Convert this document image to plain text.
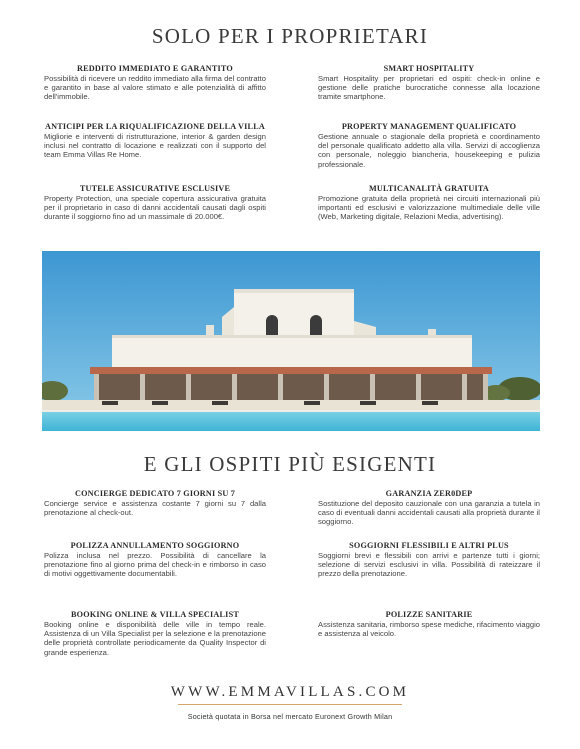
SOLO PER I PROPRIETARI
REDDITO IMMEDIATO E GARANTITO

Possibilità di ricevere un reddito immediato alla firma del contratto e garantito in base al valore stimato e alle potenzialità di affitto dell'immobile.

SMART HOSPITALITY

Smart Hospitality per proprietari ed ospiti: check-in online e gestione delle pratiche burocratiche connesse alla locazione tramite smartphone.

ANTICIPI PER LA RIQUALIFICAZIONE DELLA VILLA

Migliorie e interventi di ristrutturazione, interior & garden design inclusi nel contratto di locazione e realizzati con il supporto del team Emma Villas Re Home.

PROPERTY MANAGEMENT QUALIFICATO

Gestione annuale o stagionale della proprietà e coordinamento del personale qualificato addetto alla villa. Servizi di accoglienza con personale, noleggio biancheria, housekeeping e pulizia professionale.

TUTELE ASSICURATIVE ESCLUSIVE

Property Protection, una speciale copertura assicurativa gratuita per il proprietario in caso di danni accidentali causati dagli ospiti durante il soggiorno fino ad un massimale di 20.000€.

MULTICANALITÀ GRATUITA

Promozione gratuita della proprietà nei circuiti internazionali più importanti ed esclusivi e valorizzazione multimediale delle ville (Web, Marketing digitale, Relazioni Media, advertising).

E GLI OSPITI PIÙ ESIGENTI
CONCIERGE DEDICATO 7 GIORNI SU 7

Concierge service e assistenza costante 7 giorni su 7 dalla prenotazione al check-out.

GARANZIA ZER0DEP

Sostituzione del deposito cauzionale con una garanzia a tutela in caso di eventuali danni accidentali causati alla proprietà durante il soggiorno.

POLIZZA ANNULLAMENTO SOGGIORNO

Polizza inclusa nel prezzo. Possibilità di cancellare la prenotazione fino al giorno prima del check-in e rimborso in caso di motivi oggettivamente documentabili.

SOGGIORNI FLESSIBILI E ALTRI PLUS

Soggiorni brevi e flessibili con arrivi e partenze tutti i giorni; selezione di servizi esclusivi in villa. Possibilità di rateizzare il prezzo della prenotazione.

BOOKING ONLINE & VILLA SPECIALIST

Booking online e disponibilità delle ville in tempo reale. Assistenza di un Villa Specialist per la selezione e la prenotazione delle proprietà controllate periodicamente da Quality Inspector di grande esperienza.

POLIZZE SANITARIE

Assistenza sanitaria, rimborso spese mediche, rifacimento viaggio e assistenza al veicolo.

WWW.EMMAVILLAS.COM
Società quotata in Borsa nel mercato Euronext Growth Milan
